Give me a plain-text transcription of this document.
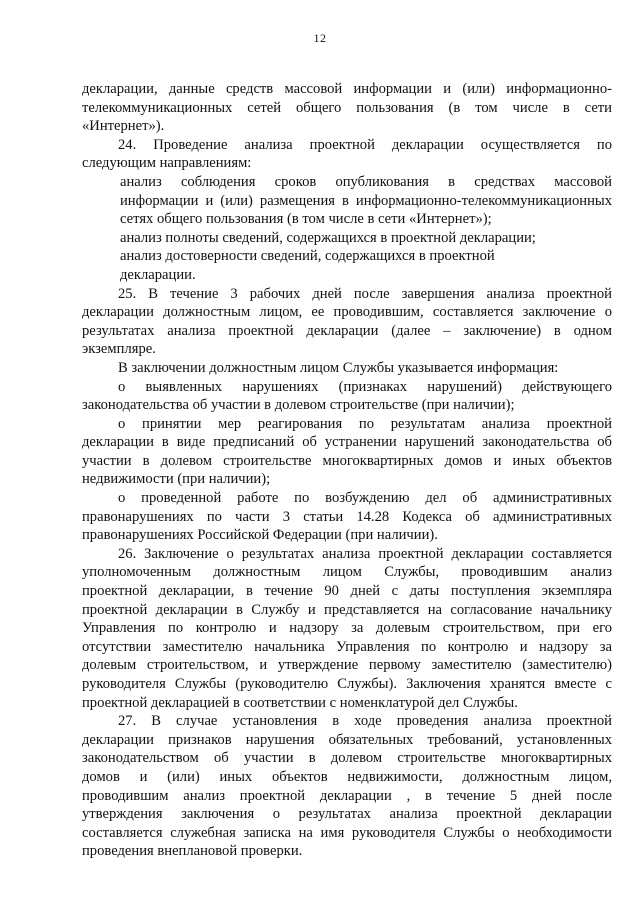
12
декларации, данные средств массовой информации и (или) информационно-
телекоммуникационных сетей общего пользования (в том числе в сети
«Интернет»).
24. Проведение анализа проектной декларации осуществляется по
следующим направлениям:
анализ соблюдения сроков опубликования в средствах массовой
информации и (или) размещения в информационно-телекоммуникационных
сетях общего пользования (в том числе в сети «Интернет»);
анализ полноты сведений, содержащихся в проектной декларации;
анализ достоверности сведений, содержащихся в проектной
декларации.
25. В течение 3 рабочих дней после завершения анализа проектной
декларации должностным лицом, ее проводившим, составляется заключение о
результатах анализа проектной декларации (далее – заключение) в одном
экземпляре.
В заключении должностным лицом Службы указывается информация:
о выявленных нарушениях (признаках нарушений) действующего
законодательства об участии в долевом строительстве (при наличии);
о принятии мер реагирования по результатам анализа проектной
декларации в виде предписаний об устранении нарушений законодательства об
участии в долевом строительстве многоквартирных домов и иных объектов
недвижимости (при наличии);
о проведенной работе по возбуждению дел об административных
правонарушениях по части 3 статьи 14.28 Кодекса об административных
правонарушениях Российской Федерации (при наличии).
26. Заключение о результатах анализа проектной декларации составляется
уполномоченным должностным лицом Службы, проводившим анализ
проектной декларации, в течение 90 дней с даты поступления экземпляра
проектной декларации в Службу и представляется на согласование начальнику
Управления по контролю и надзору за долевым строительством, при его
отсутствии заместителю начальника Управления по контролю и надзору за
долевым строительством, и утверждение первому заместителю (заместителю)
руководителя Службы (руководителю Службы). Заключения хранятся вместе с
проектной декларацией в соответствии с номенклатурой дел Службы.
27. В случае установления в ходе проведения анализа проектной
декларации признаков нарушения обязательных требований, установленных
законодательством об участии в долевом строительстве многоквартирных
домов и (или) иных объектов недвижимости, должностным лицом,
проводившим анализ проектной декларации , в течение 5 дней после
утверждения заключения о результатах анализа проектной декларации
составляется служебная записка на имя руководителя Службы о необходимости
проведения внеплановой проверки.
